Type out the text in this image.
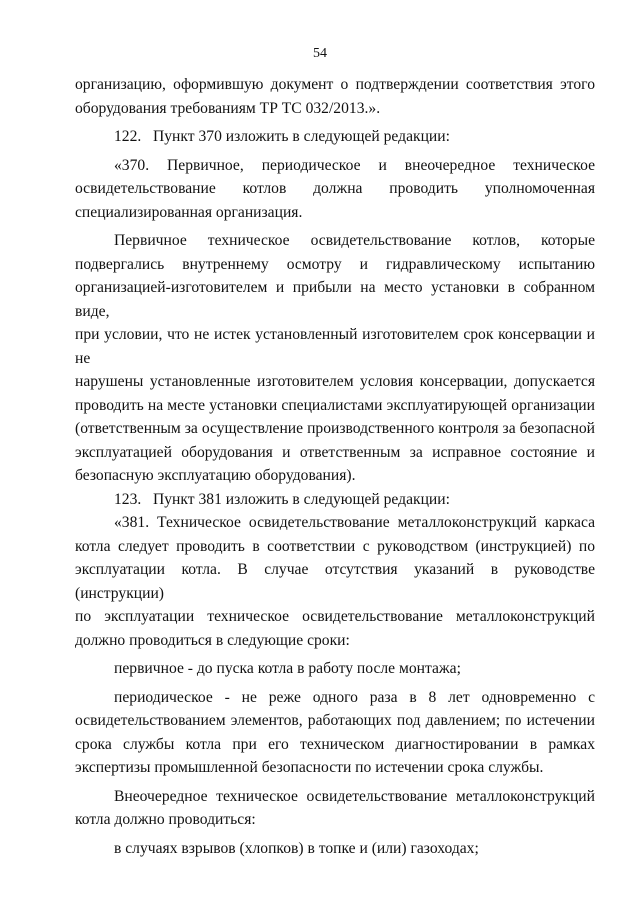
54
организацию, оформившую документ о подтверждении соответствия этого
оборудования требованиям ТР ТС 032/2013.».
122.   Пункт 370 изложить в следующей редакции:
«370. Первичное, периодическое и внеочередное техническое
освидетельствование котлов должна проводить уполномоченная
специализированная организация.
Первичное техническое освидетельствование котлов, которые
подвергались внутреннему осмотру и гидравлическому испытанию
организацией-изготовителем и прибыли на место установки в собранном виде,
при условии, что не истек установленный изготовителем срок консервации и не
нарушены установленные изготовителем условия консервации, допускается
проводить на месте установки специалистами эксплуатирующей организации
(ответственным за осуществление производственного контроля за безопасной
эксплуатацией оборудования и ответственным за исправное состояние и
безопасную эксплуатацию оборудования).
123.   Пункт 381 изложить в следующей редакции:
«381. Техническое освидетельствование металлоконструкций каркаса
котла следует проводить в соответствии с руководством (инструкцией) по
эксплуатации котла. В случае отсутствия указаний в руководстве (инструкции)
по эксплуатации техническое освидетельствование металлоконструкций
должно проводиться в следующие сроки:
первичное - до пуска котла в работу после монтажа;
периодическое - не реже одного раза в 8 лет одновременно с
освидетельствованием элементов, работающих под давлением; по истечении
срока службы котла при его техническом диагностировании в рамках
экспертизы промышленной безопасности по истечении срока службы.
Внеочередное техническое освидетельствование металлоконструкций
котла должно проводиться:
в случаях взрывов (хлопков) в топке и (или) газоходах;
